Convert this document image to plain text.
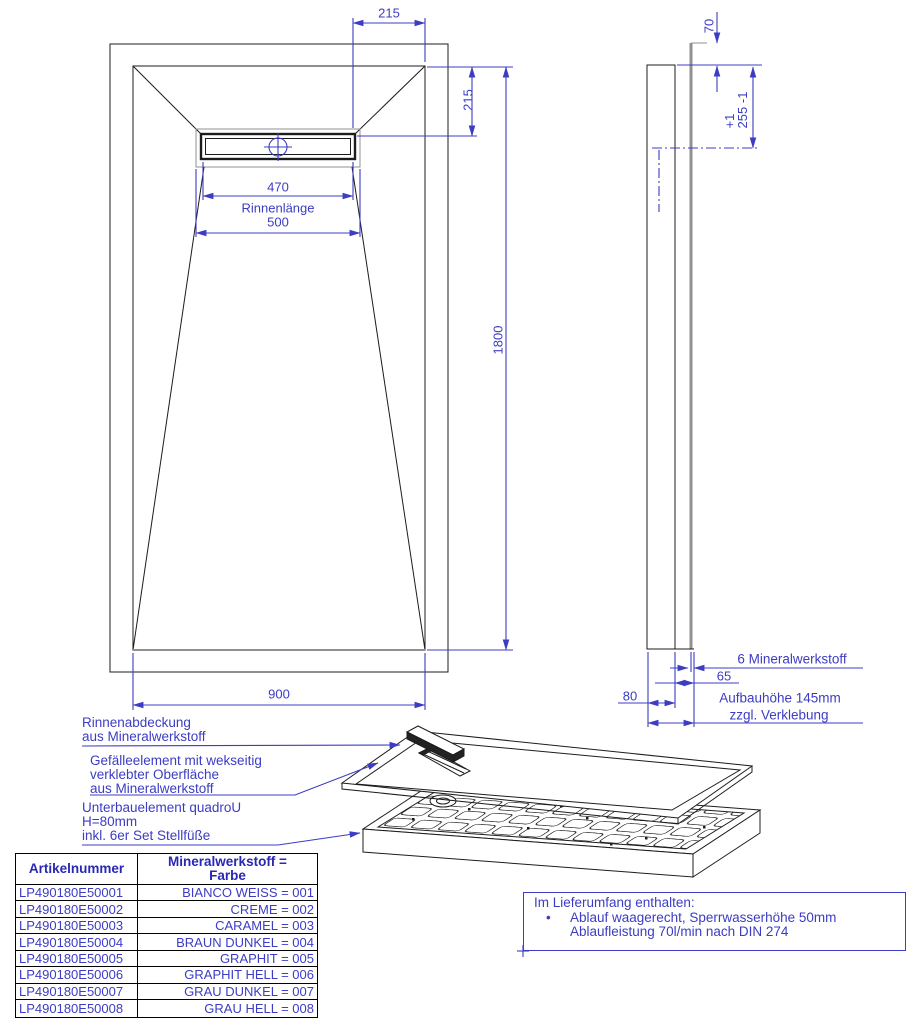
215
215
470
Rinnenlänge
500
1800
900
70
+1
255 -1
6 Mineralwerkstoff
65
80	Aufbauhöhe 145mm
zzgl. Verklebung
Rinnenabdeckung
aus Mineralwerkstoff
Gefälleelement mit wekseitig
verklebter Oberfläche
aus Mineralwerkstoff
Unterbauelement quadroU
H=80mm
inkl. 6er Set Stellfüße
Artikelnummer	Mineralwerkstoff =
Farbe
LP490180E50001	BIANCO WEISS = 001
LP490180E50002	CREME = 002
LP490180E50003	CARAMEL = 003
LP490180E50004	BRAUN DUNKEL = 004
LP490180E50005	GRAPHIT = 005
LP490180E50006	GRAPHIT HELL = 006
LP490180E50007	GRAU DUNKEL = 007
LP490180E50008	GRAU HELL = 008
Im Lieferumfang enthalten:
• Ablauf waagerecht, Sperrwasserhöhe 50mm
Ablaufleistung 70l/min nach DIN 274
